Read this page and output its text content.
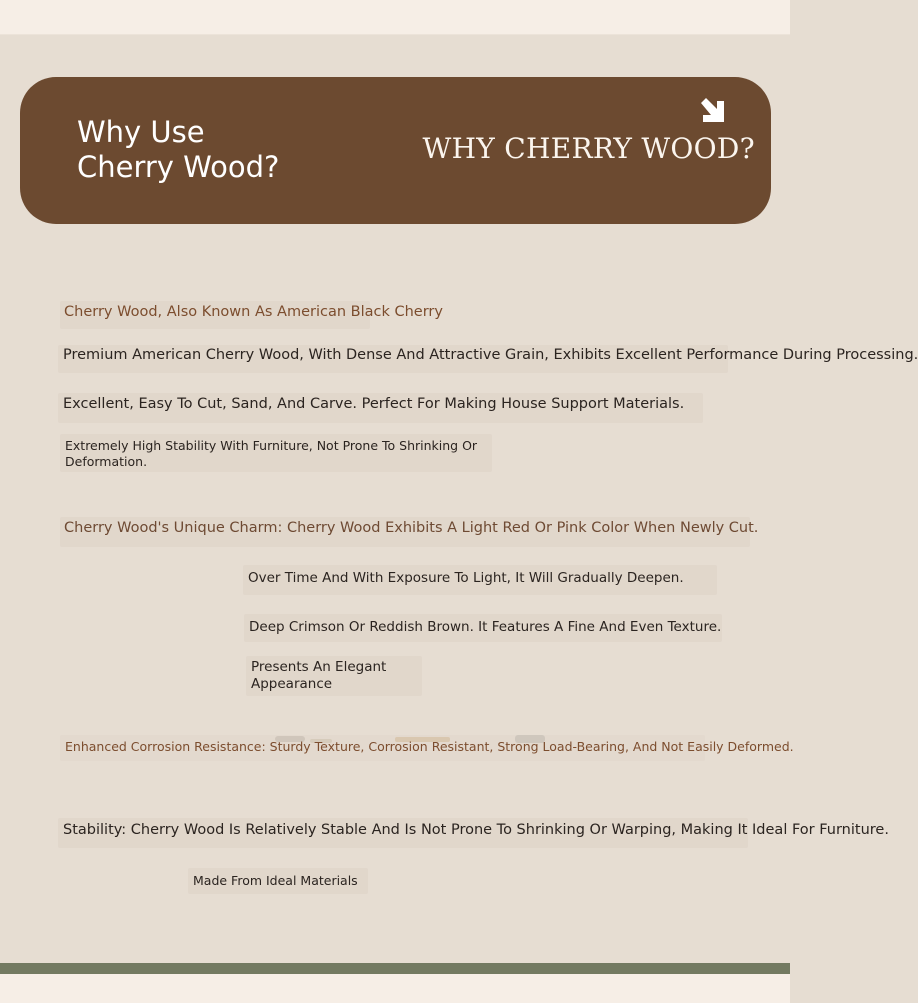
Why Use
Cherry Wood?
WHY CHERRY WOOD?

Cherry Wood, Also Known As American Black Cherry

Premium American Cherry Wood, With Dense And Attractive Grain, Exhibits Excellent Performance During Processing.

Excellent, Easy To Cut, Sand, And Carve. Perfect For Making House Support Materials.

Extremely High Stability With Furniture, Not Prone To Shrinking Or
Deformation.

Cherry Wood's Unique Charm: Cherry Wood Exhibits A Light Red Or Pink Color When Newly Cut.

Over Time And With Exposure To Light, It Will Gradually Deepen.

Deep Crimson Or Reddish Brown. It Features A Fine And Even Texture.

Presents An Elegant
Appearance

Enhanced Corrosion Resistance: Sturdy Texture, Corrosion Resistant, Strong Load-Bearing, And Not Easily Deformed.

Stability: Cherry Wood Is Relatively Stable And Is Not Prone To Shrinking Or Warping, Making It Ideal For Furniture.

Made From Ideal Materials
